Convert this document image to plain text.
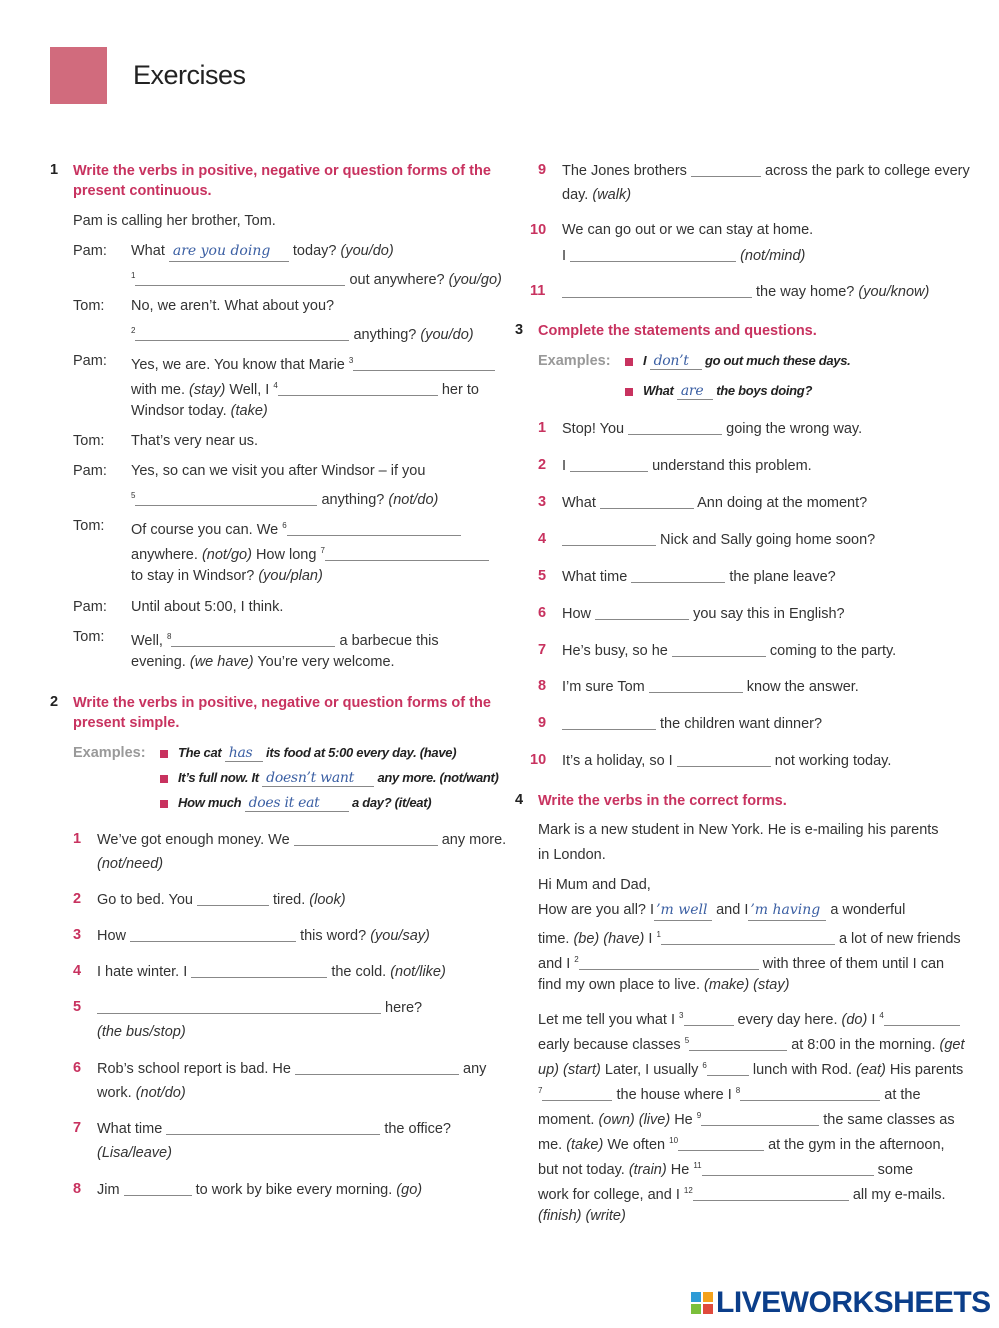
Exercises
1 Write the verbs in positive, negative or question forms of the present continuous.
Pam is calling her brother, Tom.
Pam: What are you doing today? (you/do)
$^1$	out anywhere? (you/go)
Tom: No, we aren’t. What about you?
$^2$	anything? (you/do)
Pam: Yes, we are. You know that Marie $^3$
with me. (stay) Well, I $^4$	her to
Windsor today. (take)
Tom: That’s very near us.
Pam: Yes, so can we visit you after Windsor – if you
$^5$	anything? (not/do)
Tom: Of course you can. We $^6$
anywhere. (not/go) How long $^7$
to stay in Windsor? (you/plan)
Pam: Until about 5:00, I think.
Tom: Well, $^8$	a barbecue this
evening. (we have) You’re very welcome.
2 Write the verbs in positive, negative or question forms of the present simple.
Examples:	The cat has its food at 5:00 every day. (have)
It’s full now. It doesn’t want any more. (not/want)
How much does it eat a day? (it/eat)
1 We’ve got enough money. We	any more.
(not/need)
2 Go to bed. You	tired. (look)
3 How	this word? (you/say)
4 I hate winter. I	the cold. (not/like)
5	here?
(the bus/stop)
6 Rob’s school report is bad. He	any
work. (not/do)
7 What time	the office?
(Lisa/leave)
8 Jim	to work by bike every morning. (go)
9 The Jones brothers	across the park to college every
day. (walk)
10 We can go out or we can stay at home.
I	(not/mind)
11	the way home? (you/know)
3 Complete the statements and questions.
Examples:	I don’t go out much these days.
What are the boys doing?
1 Stop! You	going the wrong way.
2 I	understand this problem.
3 What	Ann doing at the moment?
4	Nick and Sally going home soon?
5 What time	the plane leave?
6 How	you say this in English?
7 He’s busy, so he	coming to the party.
8 I’m sure Tom	know the answer.
9	the children want dinner?
10 It’s a holiday, so I	not working today.
4 Write the verbs in the correct forms.
Mark is a new student in New York. He is e-mailing his parents
in London.
Hi Mum and Dad,
How are you all? I ’m well and I ’m having a wonderful
time. (be) (have) I $^1$	a lot of new friends
and I $^2$	with three of them until I can
find my own place to live. (make) (stay)
Let me tell you what I $^3$	every day here. (do) I $^4$
early because classes $^5$	at 8:00 in the morning. (get
up) (start) Later, I usually $^6$	lunch with Rod. (eat) His parents
$^7$	the house where I $^8$	at the
moment. (own) (live) He $^9$	the same classes as
me. (take) We often $^{10}$	at the gym in the afternoon,
but not today. (train) He $^{11}$	some
work for college, and I $^{12}$	all my e-mails.
(finish) (write)
LIVEWORKSHEETS
